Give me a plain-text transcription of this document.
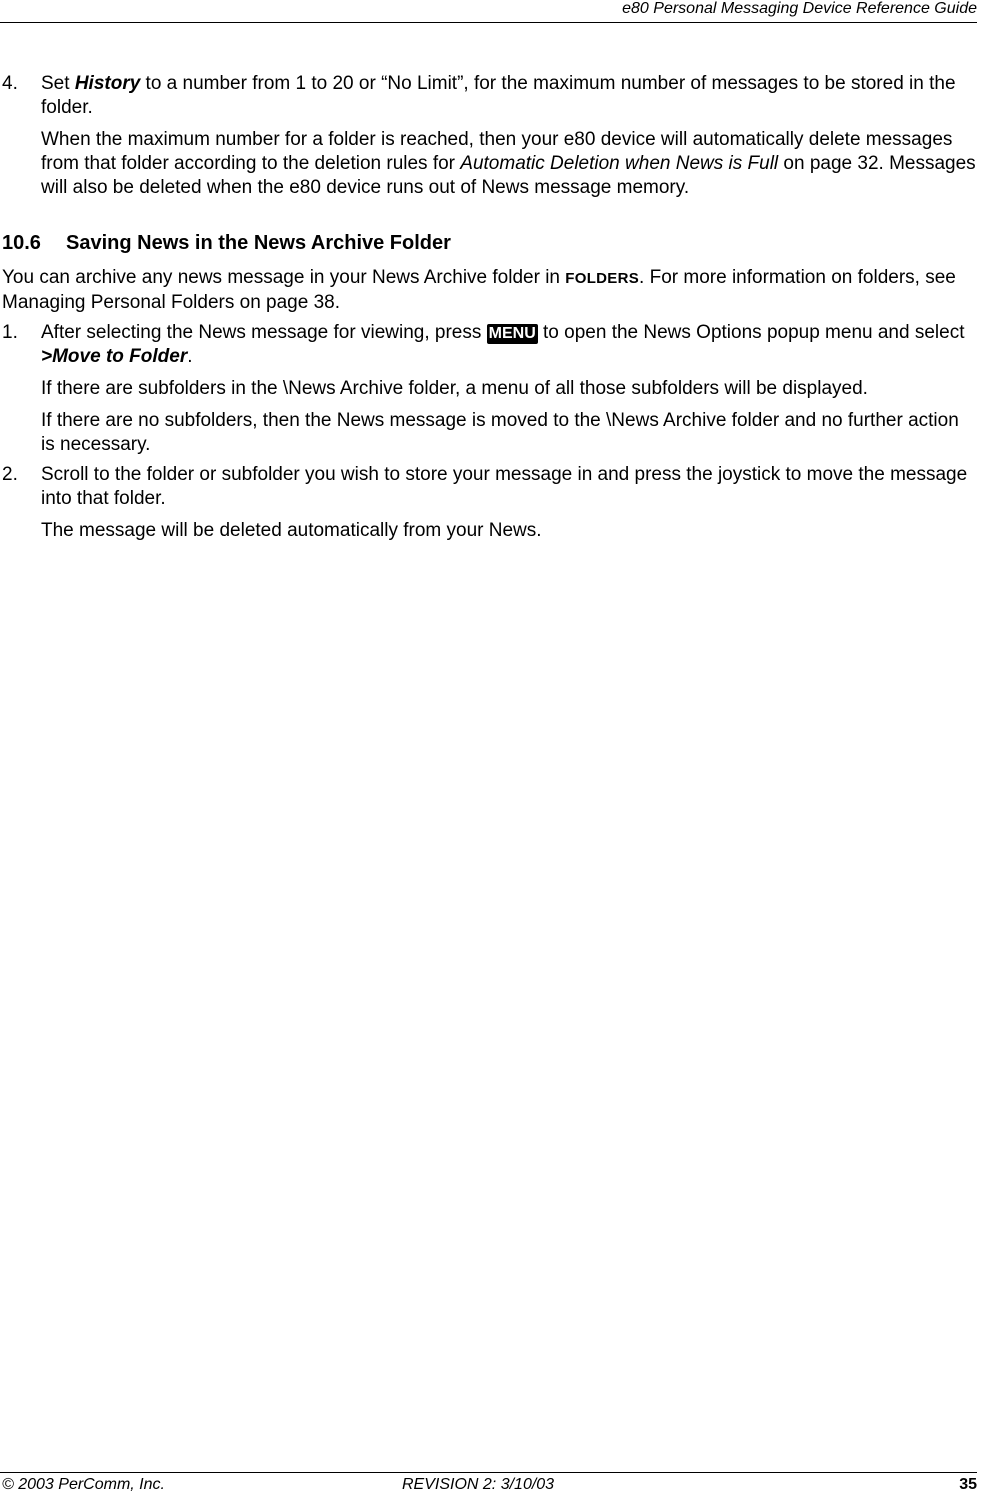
e80 Personal Messaging Device Reference Guide
4. Set History to a number from 1 to 20 or “No Limit”, for the maximum number of messages to be stored in the folder.

When the maximum number for a folder is reached, then your e80 device will automatically delete messages from that folder according to the deletion rules for Automatic Deletion when News is Full on page 32. Messages will also be deleted when the e80 device runs out of News message memory.

10.6 Saving News in the News Archive Folder

You can archive any news message in your News Archive folder in FOLDERS. For more information on folders, see Managing Personal Folders on page 38.

1. After selecting the News message for viewing, press MENU to open the News Options popup menu and select >Move to Folder.

If there are subfolders in the \News Archive folder, a menu of all those subfolders will be displayed.

If there are no subfolders, then the News message is moved to the \News Archive folder and no further action is necessary.

2. Scroll to the folder or subfolder you wish to store your message in and press the joystick to move the message into that folder.

The message will be deleted automatically from your News.

© 2003 PerComm, Inc.	REVISION 2: 3/10/03	35
